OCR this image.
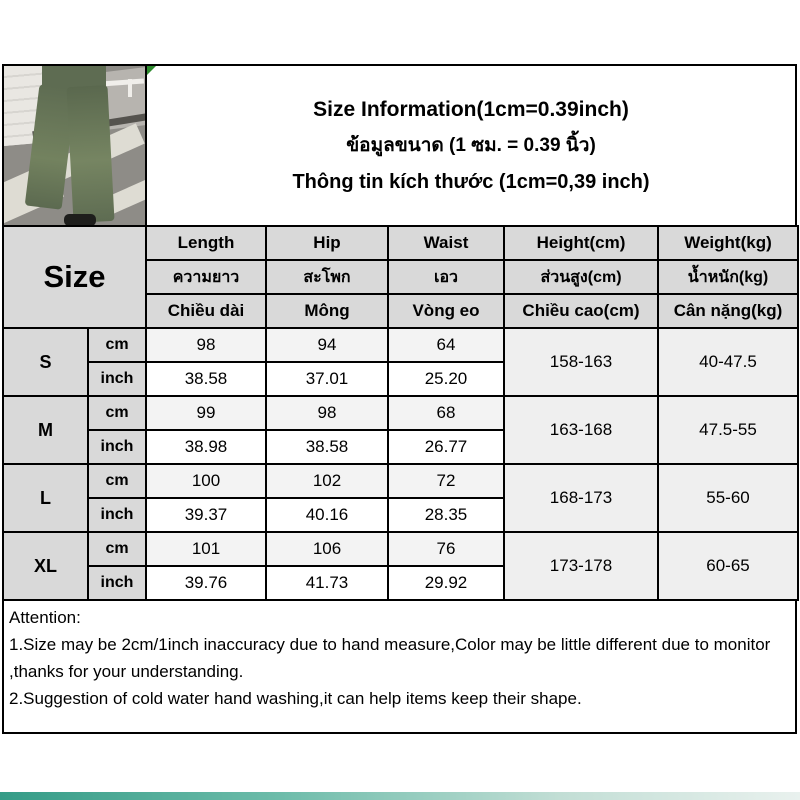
Size Information(1cm=0.39inch)
ข้อมูลขนาด (1 ซม. = 0.39 นิ้ว)
Thông tin kích thước (1cm=0,39 inch)
Size		Length	Hip	Waist	Height(cm)	Weight(kg)
		ความยาว	สะโพก	เอว	ส่วนสูง(cm)	น้ำหนัก(kg)
		Chiều dài	Mông	Vòng eo	Chiều cao(cm)	Cân nặng(kg)
S	cm	98	94	64	158-163	40-47.5
	inch	38.58	37.01	25.20		
M	cm	99	98	68	163-168	47.5-55
	inch	38.98	38.58	26.77		
L	cm	100	102	72	168-173	55-60
	inch	39.37	40.16	28.35		
XL	cm	101	106	76	173-178	60-65
	inch	39.76	41.73	29.92		
Attention:
1.Size may be 2cm/1inch inaccuracy due to hand measure,Color may be little different due to monitor
,thanks for your understanding.
2.Suggestion of cold water hand washing,it can help items keep their shape.
